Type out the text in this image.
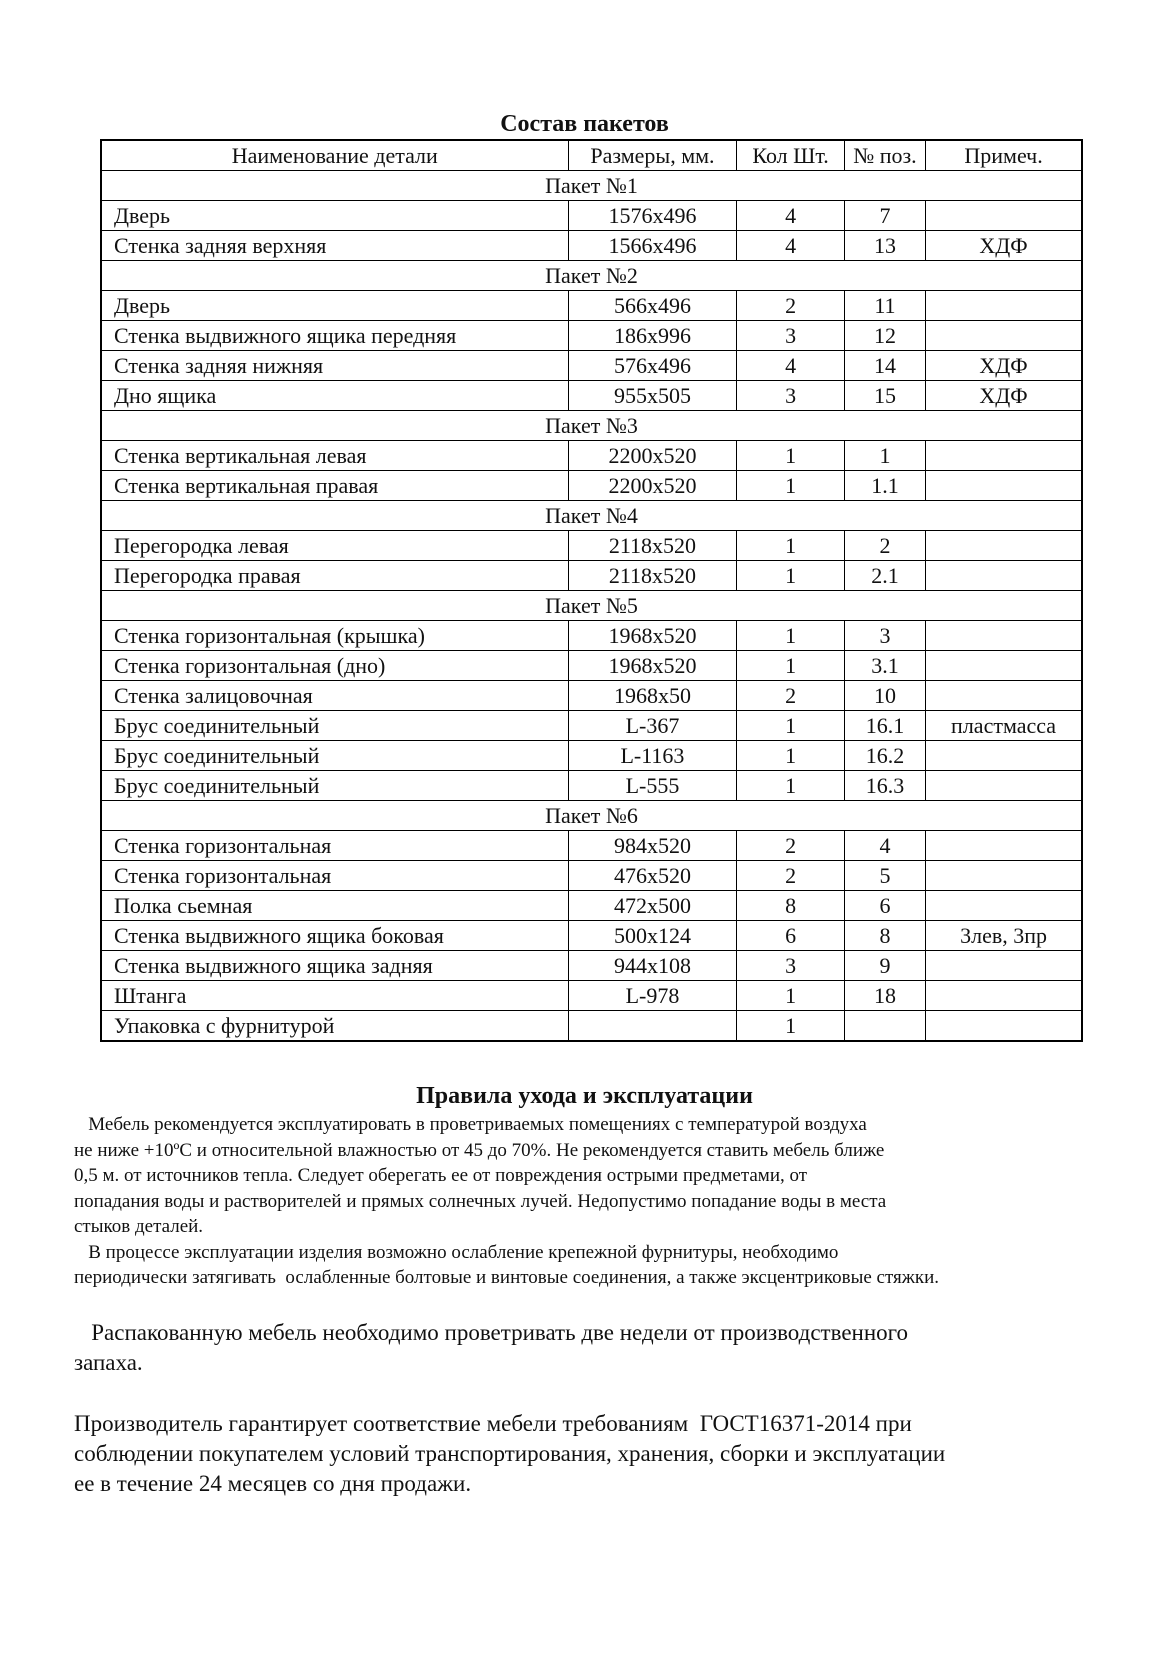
Состав пакетов
Наименование детали	Размеры, мм.	Кол Шт.	№ поз.	Примеч.
Пакет №1				
Дверь	1576х496	4	7	
Стенка задняя верхняя	1566х496	4	13	ХДФ
Пакет №2				
Дверь	566х496	2	11	
Стенка выдвижного ящика передняя	186х996	3	12	
Стенка задняя нижняя	576х496	4	14	ХДФ
Дно ящика	955х505	3	15	ХДФ
Пакет №3				
Стенка вертикальная левая	2200х520	1	1	
Стенка вертикальная правая	2200х520	1	1.1	
Пакет №4				
Перегородка левая	2118х520	1	2	
Перегородка правая	2118х520	1	2.1	
Пакет №5				
Стенка горизонтальная (крышка)	1968х520	1	3	
Стенка горизонтальная (дно)	1968х520	1	3.1	
Стенка залицовочная	1968х50	2	10	
Брус соединительный	L-367	1	16.1	пластмасса
Брус соединительный	L-1163	1	16.2	
Брус соединительный	L-555	1	16.3	
Пакет №6				
Стенка горизонтальная	984х520	2	4	
Стенка горизонтальная	476х520	2	5	
Полка сьемная	472х500	8	6	
Стенка выдвижного ящика боковая	500х124	6	8	3лев, 3пр
Стенка выдвижного ящика задняя	944х108	3	9	
Штанга	L-978	1	18	
Упаковка с фурнитурой		1		
Правила ухода и эксплуатации

Мебель рекомендуется эксплуатировать в проветриваемых помещениях с температурой воздуха
не ниже +10ºC и относительной влажностью от 45 до 70%. Не рекомендуется ставить мебель ближе
0,5 м. от источников тепла. Следует оберегать ее от повреждения острыми предметами, от
попадания воды и растворителей и прямых солнечных лучей. Недопустимо попадание воды в места
стыков деталей.

В процессе эксплуатации изделия возможно ослабление крепежной фурнитуры, необходимо
периодически затягивать  ослабленные болтовые и винтовые соединения, а также эксцентриковые стяжки.

Распакованную мебель необходимо проветривать две недели от производственного
запаха.

Производитель гарантирует соответствие мебели требованиям  ГОСТ16371-2014 при
соблюдении покупателем условий транспортирования, хранения, сборки и эксплуатации
ее в течение 24 месяцев со дня продажи.
